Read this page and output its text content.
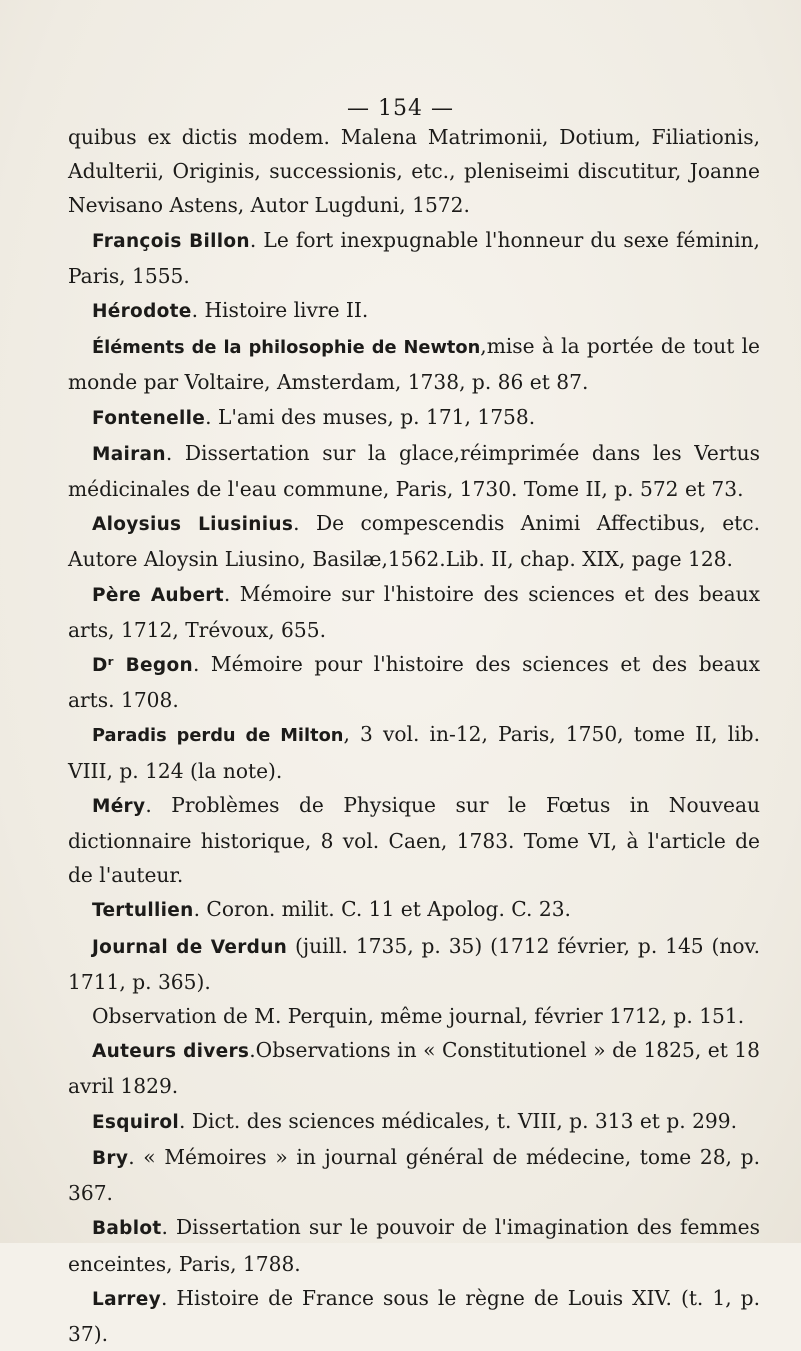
— 154 —

quibus ex dictis modem. Malena Matrimonii, Dotium, Filiationis, Adulterii, Originis, successionis, etc., pleniseimi discutitur, Joanne Nevisano Astens, Autor Lugduni, 1572.

François Billon. Le fort inexpugnable l'honneur du sexe féminin, Paris, 1555.

Hérodote. Histoire livre II.

Éléments de la philosophie de Newton,mise à la portée de tout le monde par Voltaire, Amsterdam, 1738, p. 86 et 87.

Fontenelle. L'ami des muses, p. 171, 1758.

Mairan. Dissertation sur la glace,réimprimée dans les Vertus médicinales de l'eau commune, Paris, 1730. Tome II, p. 572 et 73.

Aloysius Liusinius. De compescendis Animi Affectibus, etc. Autore Aloysin Liusino, Basilæ,1562.Lib. II, chap. XIX, page 128.

Père Aubert. Mémoire sur l'histoire des sciences et des beaux arts, 1712, Trévoux, 655.

Dʳ Begon. Mémoire pour l'histoire des sciences et des beaux arts. 1708.

Paradis perdu de Milton, 3 vol. in-12, Paris, 1750, tome II, lib. VIII, p. 124 (la note).

Méry. Problèmes de Physique sur le Fœtus in Nouveau dictionnaire historique, 8 vol. Caen, 1783. Tome VI, à l'article de de l'auteur.

Tertullien. Coron. milit. C. 11 et Apolog. C. 23.

Journal de Verdun (juill. 1735, p. 35) (1712 février, p. 145 (nov. 1711, p. 365).

Observation de M. Perquin, même journal, février 1712, p. 151.

Auteurs divers.Observations in « Constitutionel » de 1825, et 18 avril 1829.

Esquirol. Dict. des sciences médicales, t. VIII, p. 313 et p. 299.

Bry. « Mémoires » in journal général de médecine, tome 28, p. 367.

Bablot. Dissertation sur le pouvoir de l'imagination des femmes enceintes, Paris, 1788.

Larrey. Histoire de France sous le règne de Louis XIV. (t. 1, p. 37).
